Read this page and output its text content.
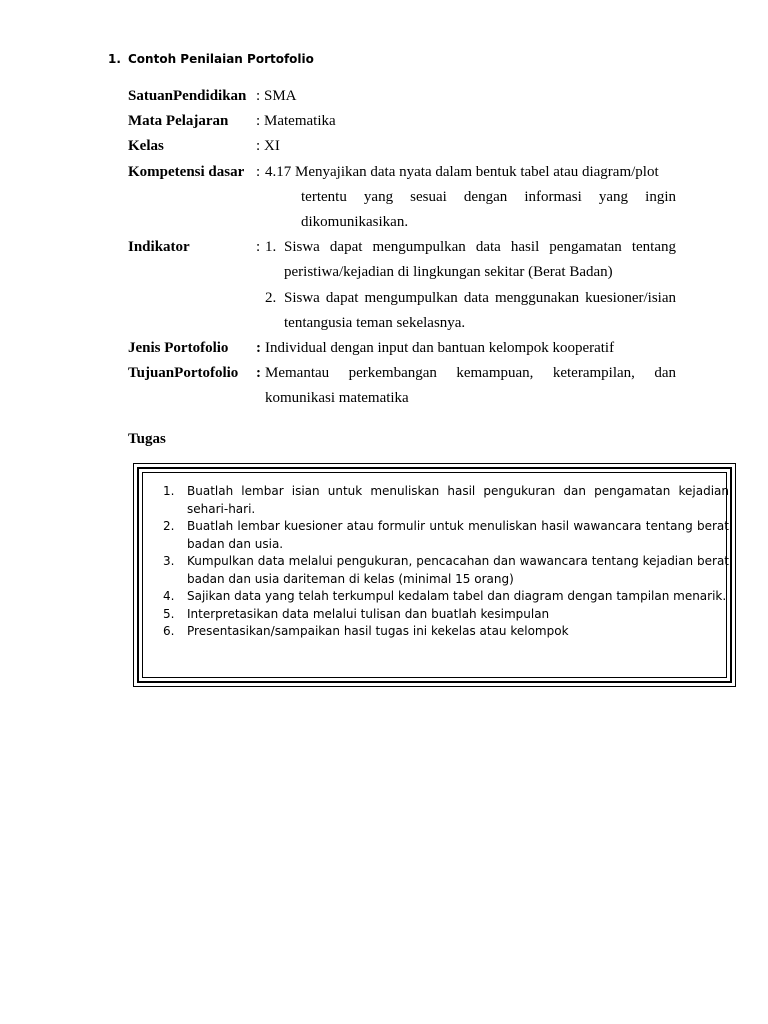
1. Contoh Penilaian Portofolio
SatuanPendidikan : SMA
Mata Pelajaran : Matematika
Kelas	: XI
Kompetensi dasar : 4.17 Menyajikan data nyata dalam bentuk tabel atau diagram/plot
tertentu yang sesuai dengan informasi yang ingin
dikomunikasikan.
Indikator	: 1. Siswa dapat mengumpulkan data hasil pengamatan tentang
peristiwa/kejadian di lingkungan sekitar (Berat Badan)
2. Siswa dapat mengumpulkan data menggunakan kuesioner/isian
tentangusia teman sekelasnya.
Jenis Portofolio : Individual dengan input dan bantuan kelompok kooperatif
TujuanPortofolio : Memantau perkembangan kemampuan, keterampilan, dan
komunikasi matematika
Tugas
1. Buatlah lembar isian untuk menuliskan hasil pengukuran dan pengamatan kejadian sehari-hari.
2. Buatlah lembar kuesioner atau formulir untuk menuliskan hasil wawancara tentang berat badan dan usia.
3. Kumpulkan data melalui pengukuran, pencacahan dan wawancara tentang kejadian berat badan dan usia dariteman di kelas (minimal 15 orang)
4. Sajikan data yang telah terkumpul kedalam tabel dan diagram dengan tampilan menarik.
5. Interpretasikan data melalui tulisan dan buatlah kesimpulan
6. Presentasikan/sampaikan hasil tugas ini kekelas atau kelompok
